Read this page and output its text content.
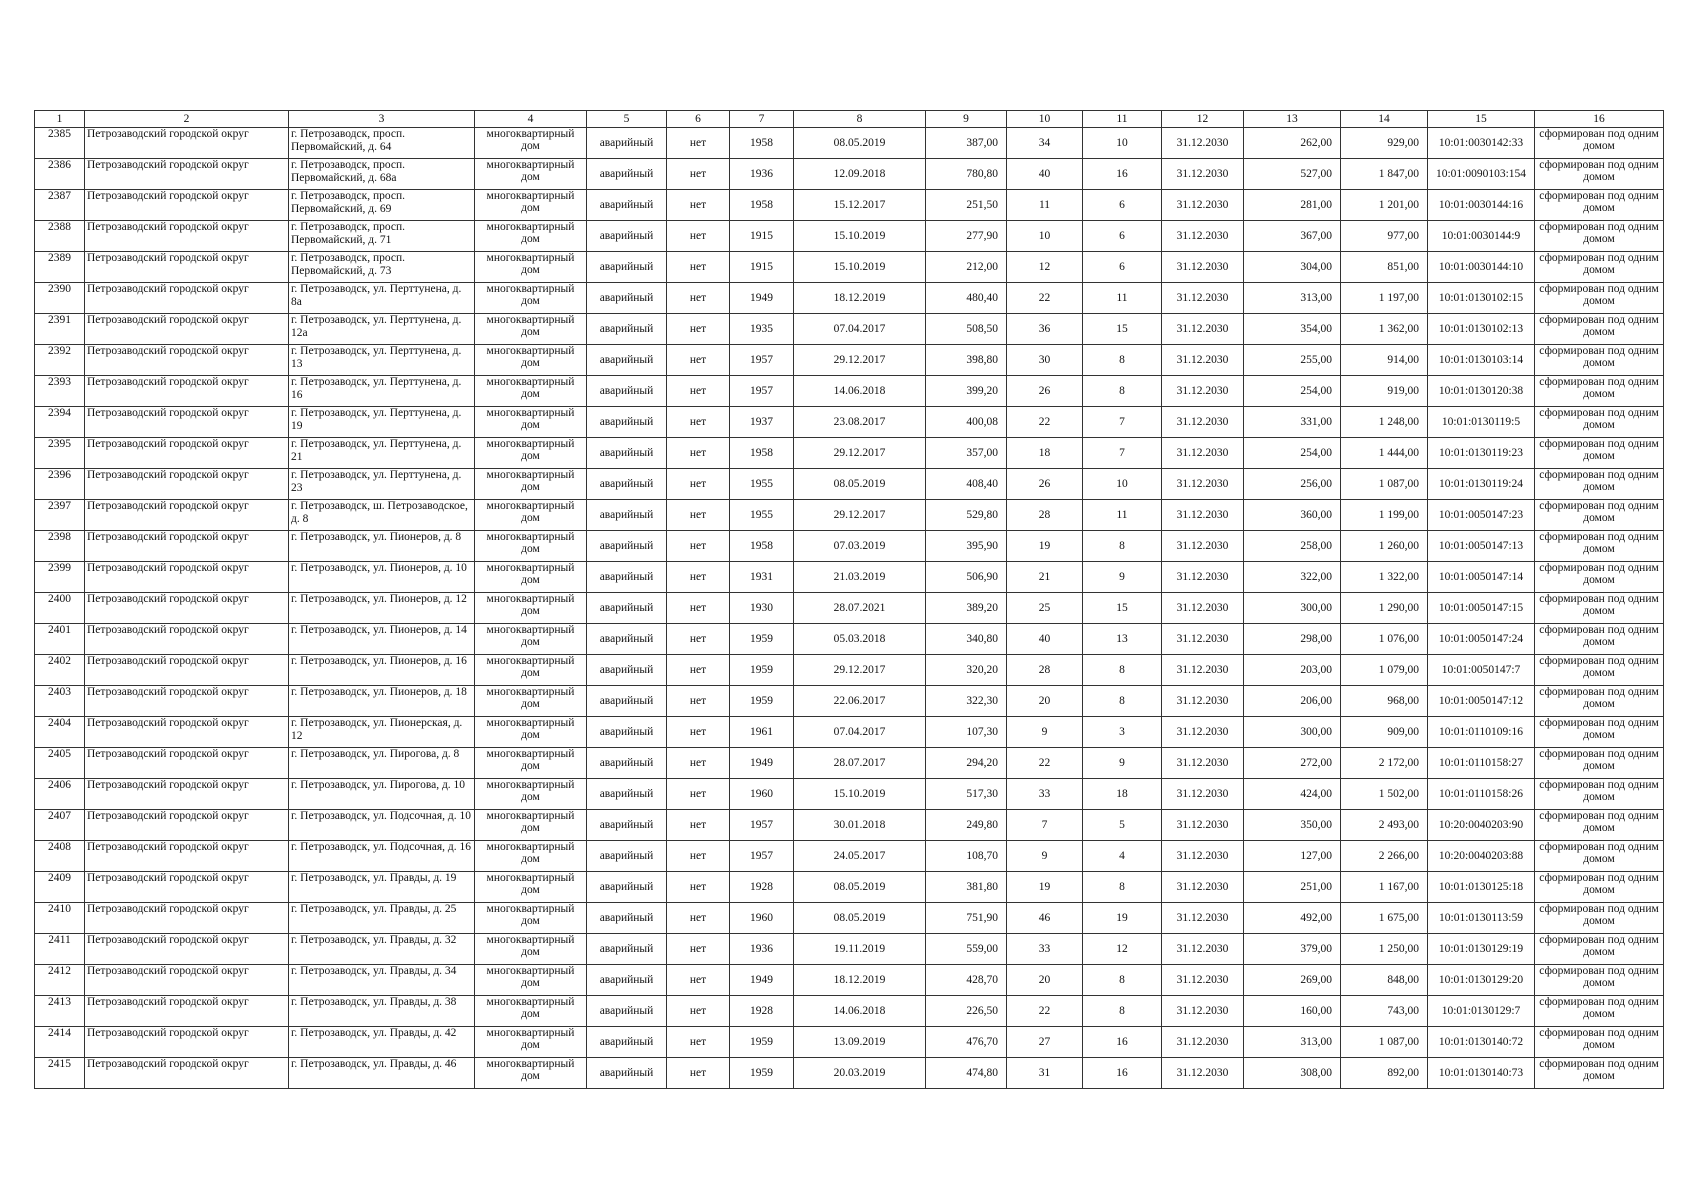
1	2	3	4	5	6	7	8	9	10	11	12	13	14	15	16
2385	Петрозаводский городской округ	г. Петрозаводск, просп. Первомайский, д. 64	многоквартирный дом	аварийный	нет	1958	08.05.2019	387,00	34	10	31.12.2030	262,00	929,00	10:01:0030142:33	сформирован под одним домом
2386	Петрозаводский городской округ	г. Петрозаводск, просп. Первомайский, д. 68а	многоквартирный дом	аварийный	нет	1936	12.09.2018	780,80	40	16	31.12.2030	527,00	1 847,00	10:01:0090103:154	сформирован под одним домом
2387	Петрозаводский городской округ	г. Петрозаводск, просп. Первомайский, д. 69	многоквартирный дом	аварийный	нет	1958	15.12.2017	251,50	11	6	31.12.2030	281,00	1 201,00	10:01:0030144:16	сформирован под одним домом
2388	Петрозаводский городской округ	г. Петрозаводск, просп. Первомайский, д. 71	многоквартирный дом	аварийный	нет	1915	15.10.2019	277,90	10	6	31.12.2030	367,00	977,00	10:01:0030144:9	сформирован под одним домом
2389	Петрозаводский городской округ	г. Петрозаводск, просп. Первомайский, д. 73	многоквартирный дом	аварийный	нет	1915	15.10.2019	212,00	12	6	31.12.2030	304,00	851,00	10:01:0030144:10	сформирован под одним домом
2390	Петрозаводский городской округ	г. Петрозаводск, ул. Перттунена, д. 8а	многоквартирный дом	аварийный	нет	1949	18.12.2019	480,40	22	11	31.12.2030	313,00	1 197,00	10:01:0130102:15	сформирован под одним домом
2391	Петрозаводский городской округ	г. Петрозаводск, ул. Перттунена, д. 12а	многоквартирный дом	аварийный	нет	1935	07.04.2017	508,50	36	15	31.12.2030	354,00	1 362,00	10:01:0130102:13	сформирован под одним домом
2392	Петрозаводский городской округ	г. Петрозаводск, ул. Перттунена, д. 13	многоквартирный дом	аварийный	нет	1957	29.12.2017	398,80	30	8	31.12.2030	255,00	914,00	10:01:0130103:14	сформирован под одним домом
2393	Петрозаводский городской округ	г. Петрозаводск, ул. Перттунена, д. 16	многоквартирный дом	аварийный	нет	1957	14.06.2018	399,20	26	8	31.12.2030	254,00	919,00	10:01:0130120:38	сформирован под одним домом
2394	Петрозаводский городской округ	г. Петрозаводск, ул. Перттунена, д. 19	многоквартирный дом	аварийный	нет	1937	23.08.2017	400,08	22	7	31.12.2030	331,00	1 248,00	10:01:0130119:5	сформирован под одним домом
2395	Петрозаводский городской округ	г. Петрозаводск, ул. Перттунена, д. 21	многоквартирный дом	аварийный	нет	1958	29.12.2017	357,00	18	7	31.12.2030	254,00	1 444,00	10:01:0130119:23	сформирован под одним домом
2396	Петрозаводский городской округ	г. Петрозаводск, ул. Перттунена, д. 23	многоквартирный дом	аварийный	нет	1955	08.05.2019	408,40	26	10	31.12.2030	256,00	1 087,00	10:01:0130119:24	сформирован под одним домом
2397	Петрозаводский городской округ	г. Петрозаводск, ш. Петрозаводское, д. 8	многоквартирный дом	аварийный	нет	1955	29.12.2017	529,80	28	11	31.12.2030	360,00	1 199,00	10:01:0050147:23	сформирован под одним домом
2398	Петрозаводский городской округ	г. Петрозаводск, ул. Пионеров, д. 8	многоквартирный дом	аварийный	нет	1958	07.03.2019	395,90	19	8	31.12.2030	258,00	1 260,00	10:01:0050147:13	сформирован под одним домом
2399	Петрозаводский городской округ	г. Петрозаводск, ул. Пионеров, д. 10	многоквартирный дом	аварийный	нет	1931	21.03.2019	506,90	21	9	31.12.2030	322,00	1 322,00	10:01:0050147:14	сформирован под одним домом
2400	Петрозаводский городской округ	г. Петрозаводск, ул. Пионеров, д. 12	многоквартирный дом	аварийный	нет	1930	28.07.2021	389,20	25	15	31.12.2030	300,00	1 290,00	10:01:0050147:15	сформирован под одним домом
2401	Петрозаводский городской округ	г. Петрозаводск, ул. Пионеров, д. 14	многоквартирный дом	аварийный	нет	1959	05.03.2018	340,80	40	13	31.12.2030	298,00	1 076,00	10:01:0050147:24	сформирован под одним домом
2402	Петрозаводский городской округ	г. Петрозаводск, ул. Пионеров, д. 16	многоквартирный дом	аварийный	нет	1959	29.12.2017	320,20	28	8	31.12.2030	203,00	1 079,00	10:01:0050147:7	сформирован под одним домом
2403	Петрозаводский городской округ	г. Петрозаводск, ул. Пионеров, д. 18	многоквартирный дом	аварийный	нет	1959	22.06.2017	322,30	20	8	31.12.2030	206,00	968,00	10:01:0050147:12	сформирован под одним домом
2404	Петрозаводский городской округ	г. Петрозаводск, ул. Пионерская, д. 12	многоквартирный дом	аварийный	нет	1961	07.04.2017	107,30	9	3	31.12.2030	300,00	909,00	10:01:0110109:16	сформирован под одним домом
2405	Петрозаводский городской округ	г. Петрозаводск, ул. Пирогова, д. 8	многоквартирный дом	аварийный	нет	1949	28.07.2017	294,20	22	9	31.12.2030	272,00	2 172,00	10:01:0110158:27	сформирован под одним домом
2406	Петрозаводский городской округ	г. Петрозаводск, ул. Пирогова, д. 10	многоквартирный дом	аварийный	нет	1960	15.10.2019	517,30	33	18	31.12.2030	424,00	1 502,00	10:01:0110158:26	сформирован под одним домом
2407	Петрозаводский городской округ	г. Петрозаводск, ул. Подсочная, д. 10	многоквартирный дом	аварийный	нет	1957	30.01.2018	249,80	7	5	31.12.2030	350,00	2 493,00	10:20:0040203:90	сформирован под одним домом
2408	Петрозаводский городской округ	г. Петрозаводск, ул. Подсочная, д. 16	многоквартирный дом	аварийный	нет	1957	24.05.2017	108,70	9	4	31.12.2030	127,00	2 266,00	10:20:0040203:88	сформирован под одним домом
2409	Петрозаводский городской округ	г. Петрозаводск, ул. Правды, д. 19	многоквартирный дом	аварийный	нет	1928	08.05.2019	381,80	19	8	31.12.2030	251,00	1 167,00	10:01:0130125:18	сформирован под одним домом
2410	Петрозаводский городской округ	г. Петрозаводск, ул. Правды, д. 25	многоквартирный дом	аварийный	нет	1960	08.05.2019	751,90	46	19	31.12.2030	492,00	1 675,00	10:01:0130113:59	сформирован под одним домом
2411	Петрозаводский городской округ	г. Петрозаводск, ул. Правды, д. 32	многоквартирный дом	аварийный	нет	1936	19.11.2019	559,00	33	12	31.12.2030	379,00	1 250,00	10:01:0130129:19	сформирован под одним домом
2412	Петрозаводский городской округ	г. Петрозаводск, ул. Правды, д. 34	многоквартирный дом	аварийный	нет	1949	18.12.2019	428,70	20	8	31.12.2030	269,00	848,00	10:01:0130129:20	сформирован под одним домом
2413	Петрозаводский городской округ	г. Петрозаводск, ул. Правды, д. 38	многоквартирный дом	аварийный	нет	1928	14.06.2018	226,50	22	8	31.12.2030	160,00	743,00	10:01:0130129:7	сформирован под одним домом
2414	Петрозаводский городской округ	г. Петрозаводск, ул. Правды, д. 42	многоквартирный дом	аварийный	нет	1959	13.09.2019	476,70	27	16	31.12.2030	313,00	1 087,00	10:01:0130140:72	сформирован под одним домом
2415	Петрозаводский городской округ	г. Петрозаводск, ул. Правды, д. 46	многоквартирный дом	аварийный	нет	1959	20.03.2019	474,80	31	16	31.12.2030	308,00	892,00	10:01:0130140:73	сформирован под одним домом
